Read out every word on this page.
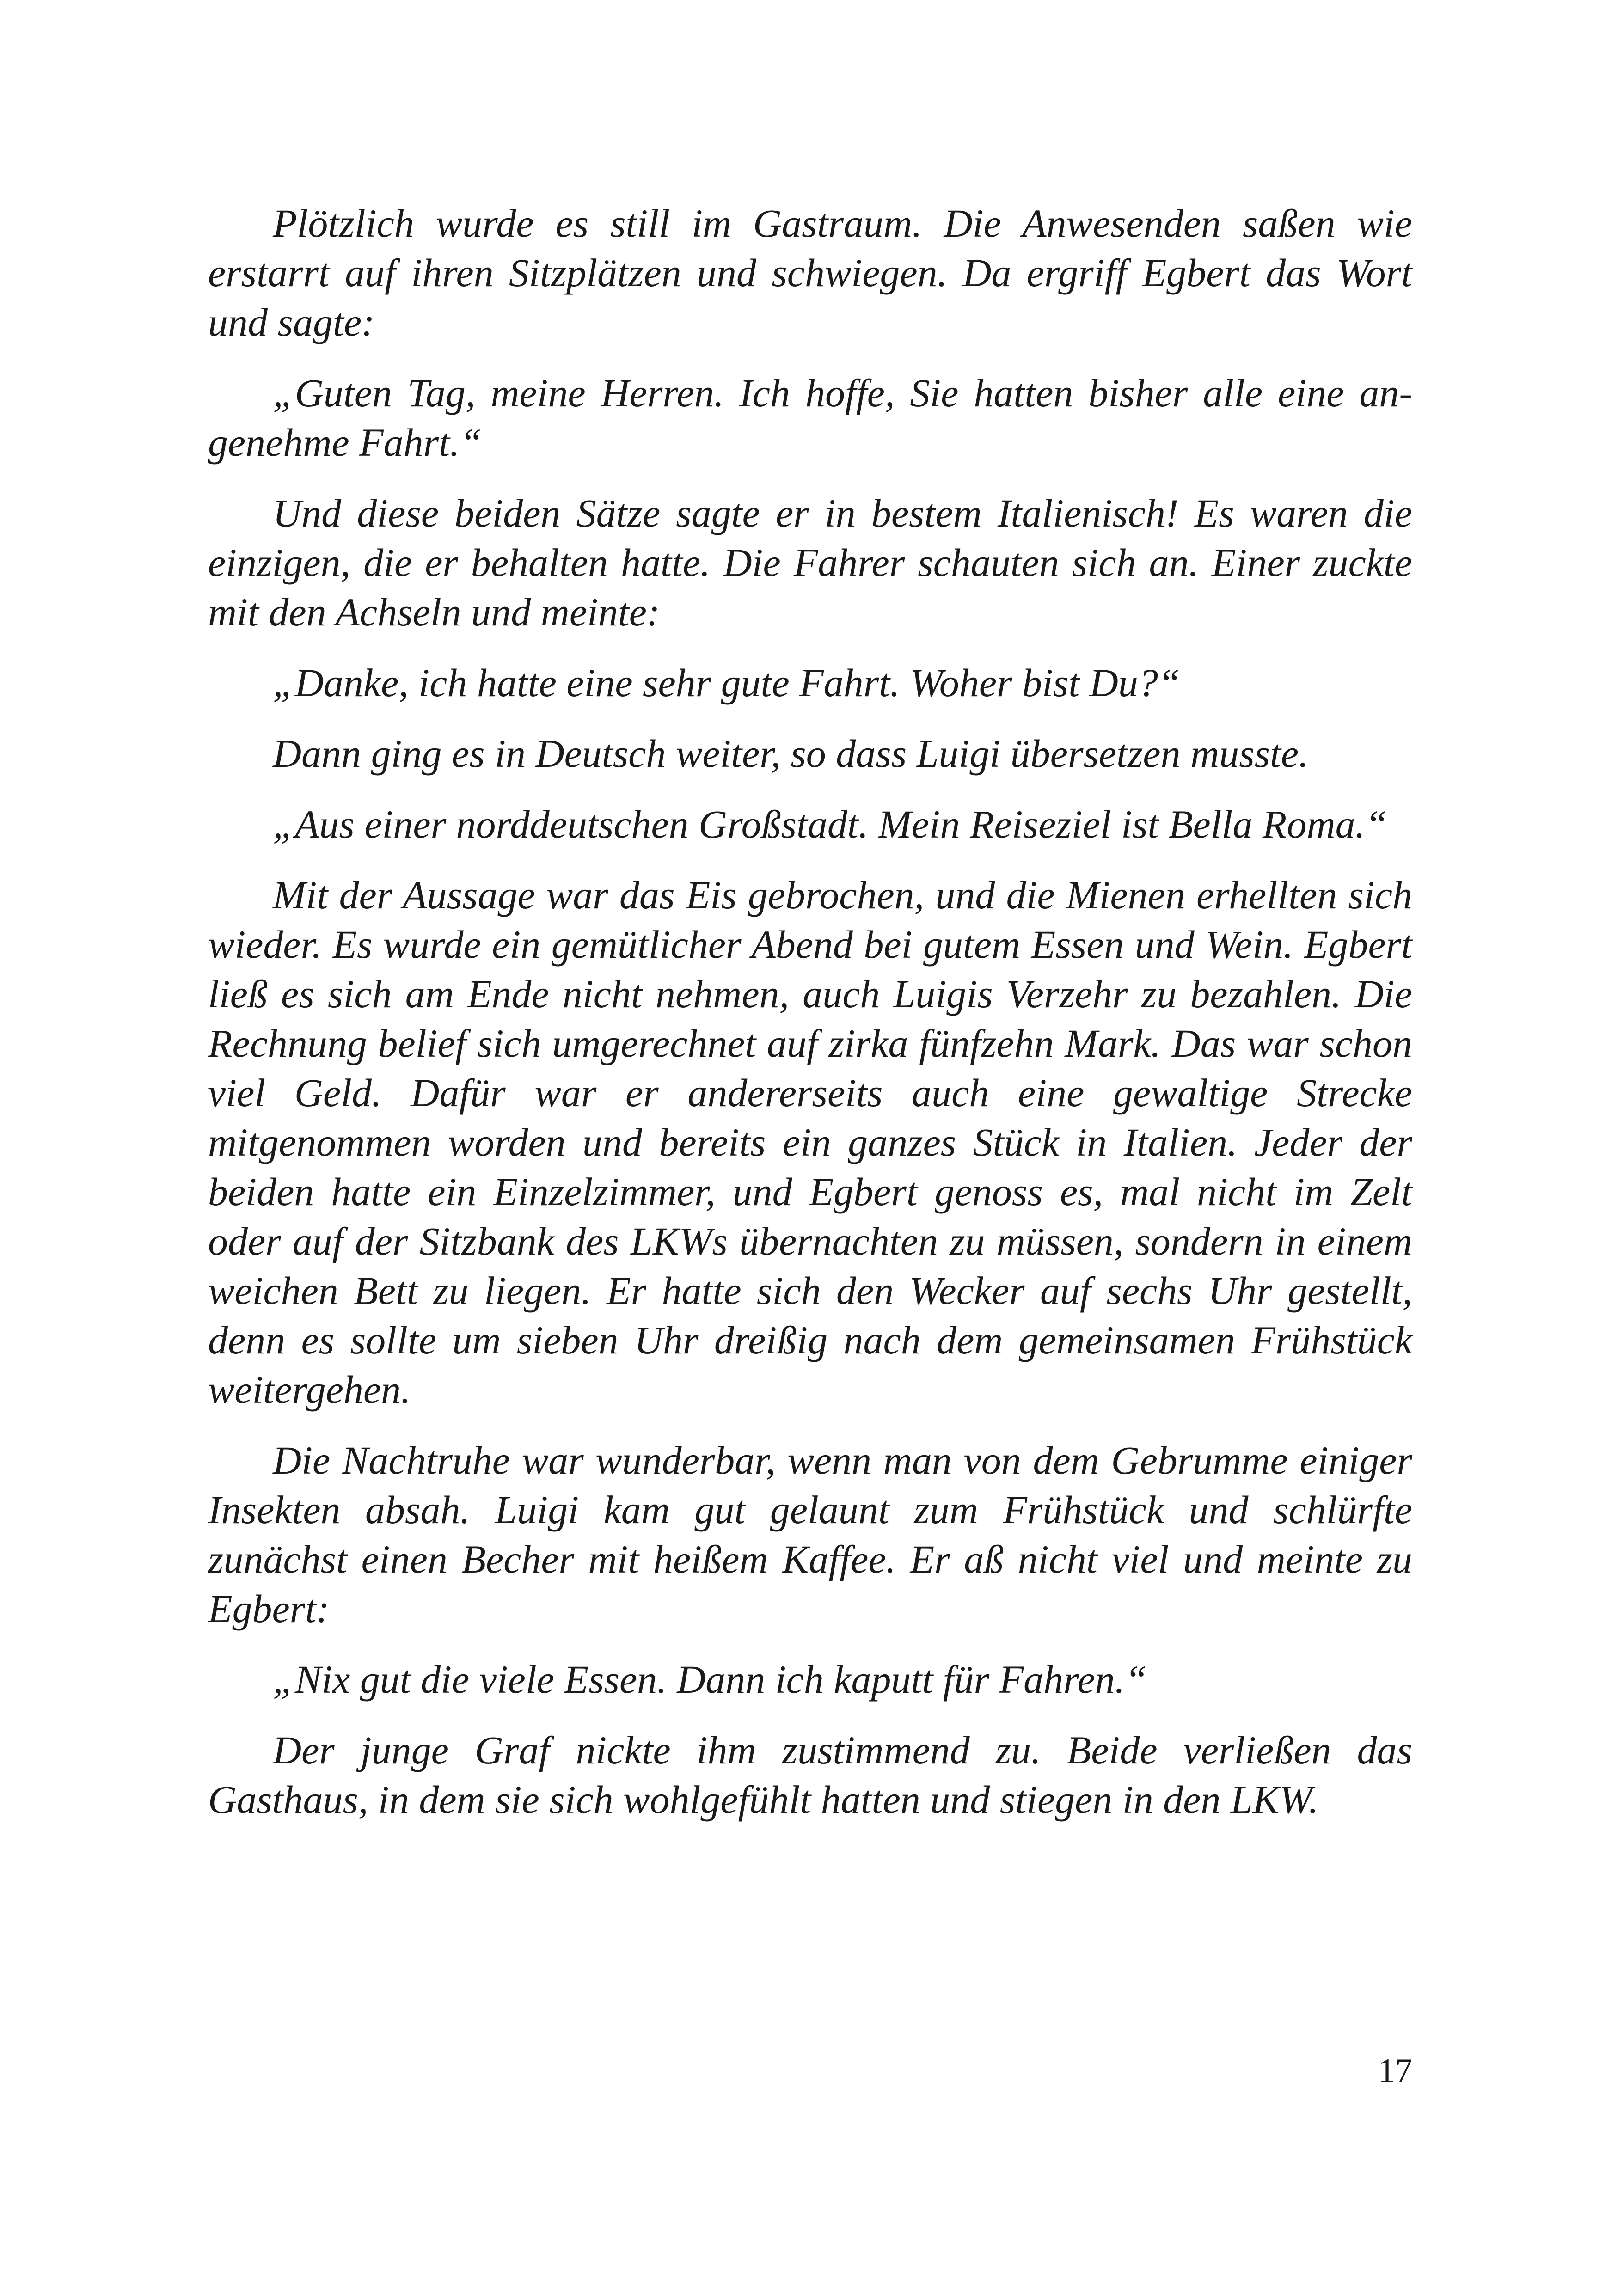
Plötzlich wurde es still im Gastraum. Die Anwesenden saßen wie erstarrt auf ihren Sitzplätzen und schwiegen. Da ergriff Egbert das Wort und sagte:

„Guten Tag, meine Herren. Ich hoffe, Sie hatten bisher alle eine angenehme Fahrt.“

Und diese beiden Sätze sagte er in bestem Italienisch! Es waren die einzigen, die er behalten hatte. Die Fahrer schauten sich an. Einer zuckte mit den Achseln und meinte:

„Danke, ich hatte eine sehr gute Fahrt. Woher bist Du?“

Dann ging es in Deutsch weiter, so dass Luigi übersetzen musste.

„Aus einer norddeutschen Großstadt. Mein Reiseziel ist Bella Roma.“

Mit der Aussage war das Eis gebrochen, und die Mienen erhellten sich wieder. Es wurde ein gemütlicher Abend bei gutem Essen und Wein. Egbert ließ es sich am Ende nicht nehmen, auch Luigis Verzehr zu bezahlen. Die Rechnung belief sich umgerechnet auf zirka fünfzehn Mark. Das war schon viel Geld. Dafür war er andererseits auch eine gewaltige Strecke mitgenommen worden und bereits ein ganzes Stück in Italien. Jeder der beiden hatte ein Einzelzimmer, und Egbert genoss es, mal nicht im Zelt oder auf der Sitzbank des LKWs übernachten zu müssen, sondern in einem weichen Bett zu liegen. Er hatte sich den Wecker auf sechs Uhr gestellt, denn es sollte um sieben Uhr dreißig nach dem gemeinsamen Frühstück weitergehen.

Die Nachtruhe war wunderbar, wenn man von dem Gebrumme einiger Insekten absah. Luigi kam gut gelaunt zum Frühstück und schlürfte zunächst einen Becher mit heißem Kaffee. Er aß nicht viel und meinte zu Egbert:

„Nix gut die viele Essen. Dann ich kaputt für Fahren.“

Der junge Graf nickte ihm zustimmend zu. Beide verließen das Gasthaus, in dem sie sich wohlgefühlt hatten und stiegen in den LKW.

17
